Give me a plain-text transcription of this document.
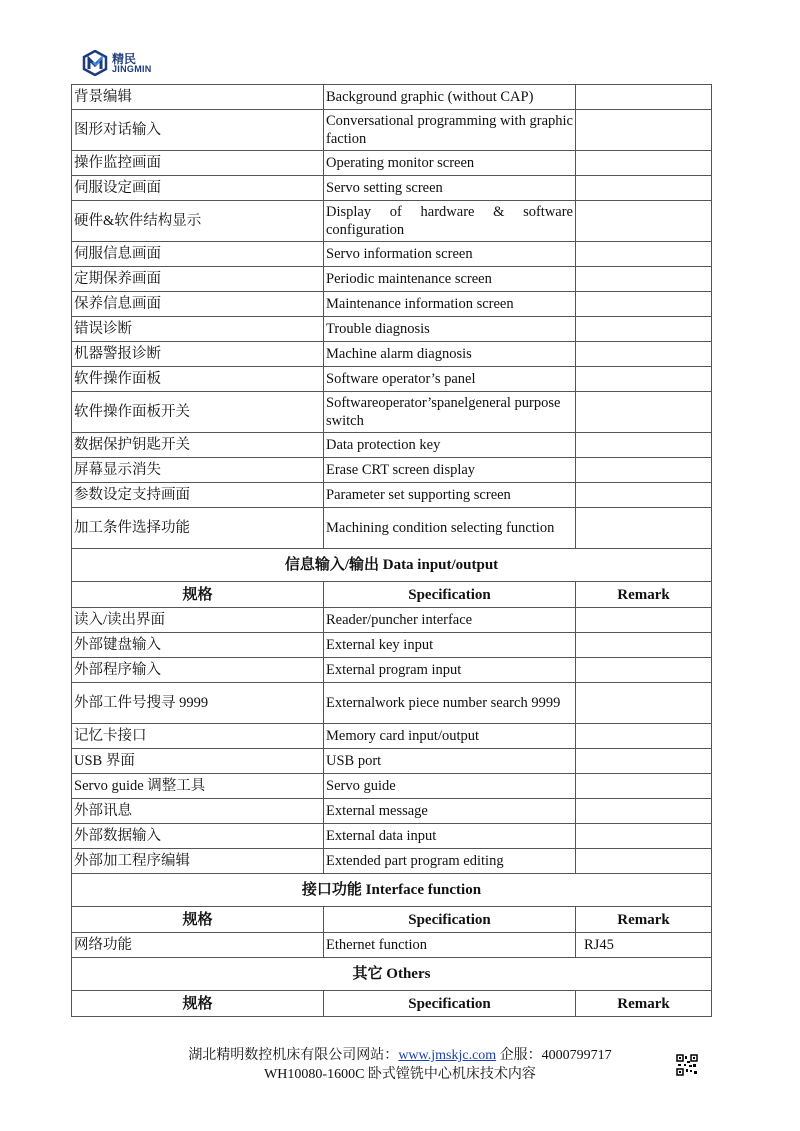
精民
JINGMIN
背景编辑	Background graphic (without CAP)	
图形对话输入	Conversational programming with graphic faction	
操作监控画面	Operating monitor screen	
伺服设定画面	Servo setting screen	
硬件&软件结构显示	Display of hardware & software configuration	
伺服信息画面	Servo information screen	
定期保养画面	Periodic maintenance screen	
保养信息画面	Maintenance information screen	
错误诊断	Trouble diagnosis	
机器警报诊断	Machine alarm diagnosis	
软件操作面板	Software operator’s panel	
软件操作面板开关	Softwareoperator’spanelgeneral purpose switch	
数据保护钥匙开关	Data protection key	
屏幕显示消失	Erase CRT screen display	
参数设定支持画面	Parameter set supporting screen	
加工条件选择功能	Machining condition selecting function	
信息输入/输出 Data input/output		
规格	Specification	Remark
读入/读出界面	Reader/puncher interface	
外部键盘输入	External key input	
外部程序输入	External program input	
外部工件号搜寻 9999	Externalwork piece number search 9999	
记忆卡接口	Memory card input/output	
USB 界面	USB port	
Servo guide 调整工具	Servo guide	
外部讯息	External message	
外部数据输入	External data input	
外部加工程序编辑	Extended part program editing	
接口功能 Interface function		
规格	Specification	Remark
网络功能	Ethernet function	RJ45
其它 Others		
规格	Specification	Remark
湖北精明数控机床有限公司网站：www.jmskjc.com 企服：4000799717
WH10080-1600C 卧式镗铣中心机床技术内容
